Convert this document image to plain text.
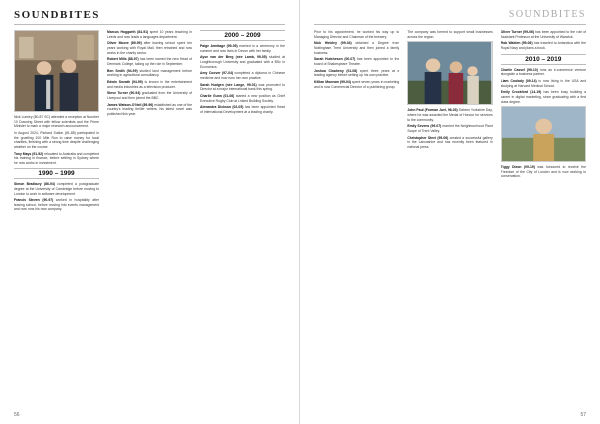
SOUNDBITES

Nick Lumley (80-87 SC) attended a reception at Number 10 Downing Street with fellow scientists and the Prime Minister to mark a major research announcement.

In August 2024, Richard Sutton (81-88) participated in the gruelling 100 Mile Run to raise money for local charities, finishing with a strong time despite challenging weather on the course.

Tony Mays (91-92) relocated to Australia and completed his training in finance, before settling in Sydney where he now works in investment.

1990 – 1999

Simon Bradbury (86-94) completed a postgraduate degree at the University of Cambridge before moving to London to work in software development.

Francis Steven (90-97) worked in hospitality after leaving school, before moving into events management and now runs his own company.

Marcus Hoggarth (84-91) spent 10 years teaching in Leeds and now leads a languages department.

Oliver Moore (89-99) after leaving school spent ten years working with Royal Mail, then retrained and now works in the charity sector.

Robert Mills (88-97) has been named the new Head of Denmark College, taking up the role in September.

Ben Smith (94-99) studied land management before working in agricultural consultancy.

Edwin Sneath (94-99) is known in the entertainment and media industries as a television producer.

Steve Turner (90-94) graduated from the University of Liverpool and then joined the BBC.

James Watson-O'Neil (89-96) established as one of the country's leading thriller writers, his latest novel was published this year.

2000 – 2009

Paige Armitage (99-05) married in a ceremony in the summer and now lives in Devon with her family.

Ayse van der Berg (née Lamb, 99-05) studied at Loughborough University and graduated with a BSc in Economics.

Amy Coover (97-04) completed a diploma in Chinese medicine and now runs her own practice.

Sarah Hudgen (née Lange, 99-01) was promoted to Director at a major international bank this spring.

Charlie Gunn (01-06) started a new position as Chief Executive Rugby Club at Linked Building Society.

Alexandra Dickson (02-05) has been appointed Head of International Development at a leading charity.

56
SOUNDBITES

Prior to his appointment, he worked his way up to Managing Director and Chairman of the brewery.

Nick Hinkley (99-04) obtained a Degree from Nottingham Trent University and then joined a family business.

Sarah Hutcheson (00-07) has been appointed to the board of Shakespeare Theatre.

Joshua Cloaheny (01-08) spent three years at a leading agency before setting up his own practice.

Killian Moneam (99-04) spent seven years in marketing and is now Commercial Director of a publishing group.

The company was formed to support small businesses across the region.

John Paul (Forman Juel, 96-03) Sixteen Yorkshire Day, where he was awarded the Medal of Honour for services to the community.

Emily Sevens (99-07) married the Neighbourhood Plant Scope of Trent Valley.

Christopher Steel (99-06) created a successful gallery in the Lancashire and has recently been featured in national press.

Oliver Turner (99-06) has been appointed to the role of Assistant Professor at the University of Warwick.

Rob Walden (99-06) has traveled to Antarctica with the Royal Navy and plans a book.

2010 – 2019

Charlie Cassel (99-10) runs an e-commerce venture alongside a business partner.

Liam Coolady (09-14) is now living in the USA and studying at Harvard Medical School.

Emily Crockford (14-19) has been busy building a career in digital marketing, since graduating with a first class degree.

Tiggy Dixon (09-19) was honoured to receive the Freedom of the City of London and is now working in conservation.

57
